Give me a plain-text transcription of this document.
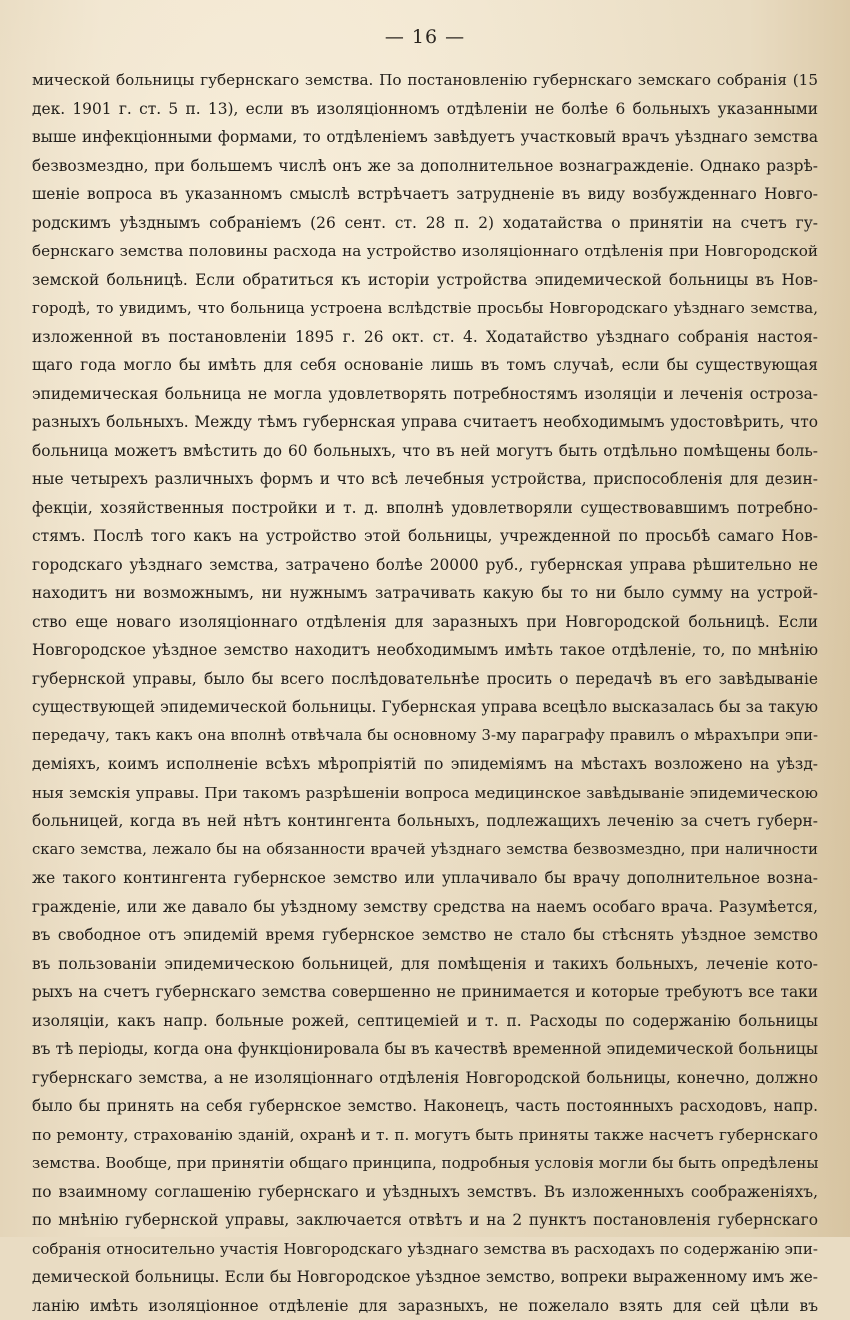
— 16 —
мической больницы губернскаго земства. По постановленію губернскаго земскаго собранія (15
дек. 1901 г. ст. 5 п. 13), если въ изоляціонномъ отдѣленіи не болѣе 6 больныхъ указанными
выше инфекціонными формами, то отдѣленіемъ завѣдуетъ участковый врачъ уѣзднаго земства
безвозмездно, при большемъ числѣ онъ же за дополнительное вознагражденіе. Однако разрѣ-
шеніе вопроса въ указанномъ смыслѣ встрѣчаетъ затрудненіе въ виду возбужденнаго Новго-
родскимъ уѣзднымъ собраніемъ (26 сент. ст. 28 п. 2) ходатайства о принятіи на счетъ гу-
бернскаго земства половины расхода на устройство изоляціоннаго отдѣленія при Новгородской
земской больницѣ. Если обратиться къ исторіи устройства эпидемической больницы въ Нов-
городѣ, то увидимъ, что больница устроена вслѣдствіе просьбы Новгородскаго уѣзднаго земства,
изложенной въ постановленіи 1895 г. 26 окт. ст. 4. Ходатайство уѣзднаго собранія настоя-
щаго года могло бы имѣть для себя основаніе лишь въ томъ случаѣ, если бы существующая
эпидемическая больница не могла удовлетворять потребностямъ изоляціи и леченія остроза-
разныхъ больныхъ. Между тѣмъ губернская управа считаетъ необходимымъ удостовѣрить, что
больница можетъ вмѣстить до 60 больныхъ, что въ ней могутъ быть отдѣльно помѣщены боль-
ные четырехъ различныхъ формъ и что всѣ лечебныя устройства, приспособленія для дезин-
фекціи, хозяйственныя постройки и т. д. вполнѣ удовлетворяли существовавшимъ потребно-
стямъ. Послѣ того какъ на устройство этой больницы, учрежденной по просьбѣ самаго Нов-
городскаго уѣзднаго земства, затрачено болѣе 20000 руб., губернская управа рѣшительно не
находитъ ни возможнымъ, ни нужнымъ затрачивать какую бы то ни было сумму на устрой-
ство еще новаго изоляціоннаго отдѣленія для заразныхъ при Новгородской больницѣ. Если
Новгородское уѣздное земство находитъ необходимымъ имѣть такое отдѣленіе, то, по мнѣнію
губернской управы, было бы всего послѣдовательнѣе просить о передачѣ въ его завѣдываніе
существующей эпидемической больницы. Губернская управа всецѣло высказалась бы за такую
передачу, такъ какъ она вполнѣ отвѣчала бы основному 3-му параграфу правилъ о мѣрахъпри эпи-
деміяхъ, коимъ исполненіе всѣхъ мѣропріятій по эпидеміямъ на мѣстахъ возложено на уѣзд-
ныя земскія управы. При такомъ разрѣшеніи вопроса медицинское завѣдываніе эпидемическою
больницей, когда въ ней нѣтъ контингента больныхъ, подлежащихъ леченію за счетъ губерн-
скаго земства, лежало бы на обязанности врачей уѣзднаго земства безвозмездно, при наличности
же такого контингента губернское земство или уплачивало бы врачу дополнительное возна-
гражденіе, или же давало бы уѣздному земству средства на наемъ особаго врача. Разумѣется,
въ свободное отъ эпидемій время губернское земство не стало бы стѣснять уѣздное земство
въ пользованіи эпидемическою больницей, для помѣщенія и такихъ больныхъ, леченіе кото-
рыхъ на счетъ губернскаго земства совершенно не принимается и которые требуютъ все таки
изоляціи, какъ напр. больные рожей, септицеміей и т. п. Расходы по содержанію больницы
въ тѣ періоды, когда она функціонировала бы въ качествѣ временной эпидемической больницы
губернскаго земства, а не изоляціоннаго отдѣленія Новгородской больницы, конечно, должно
было бы принять на себя губернское земство. Наконецъ, часть постоянныхъ расходовъ, напр.
по ремонту, страхованію зданій, охранѣ и т. п. могутъ быть приняты также насчетъ губернскаго
земства. Вообще, при принятіи общаго принципа, подробныя условія могли бы быть опредѣлены
по взаимному соглашенію губернскаго и уѣздныхъ земствъ. Въ изложенныхъ соображеніяхъ,
по мнѣнію губернской управы, заключается отвѣтъ и на 2 пунктъ постановленія губернскаго
собранія относительно участія Новгородскаго уѣзднаго земства въ расходахъ по содержанію эпи-
демической больницы. Если бы Новгородское уѣздное земство, вопреки выраженному имъ же-
ланію имѣть изоляціонное отдѣленіе для заразныхъ, не пожелало взять для сей цѣли въ
